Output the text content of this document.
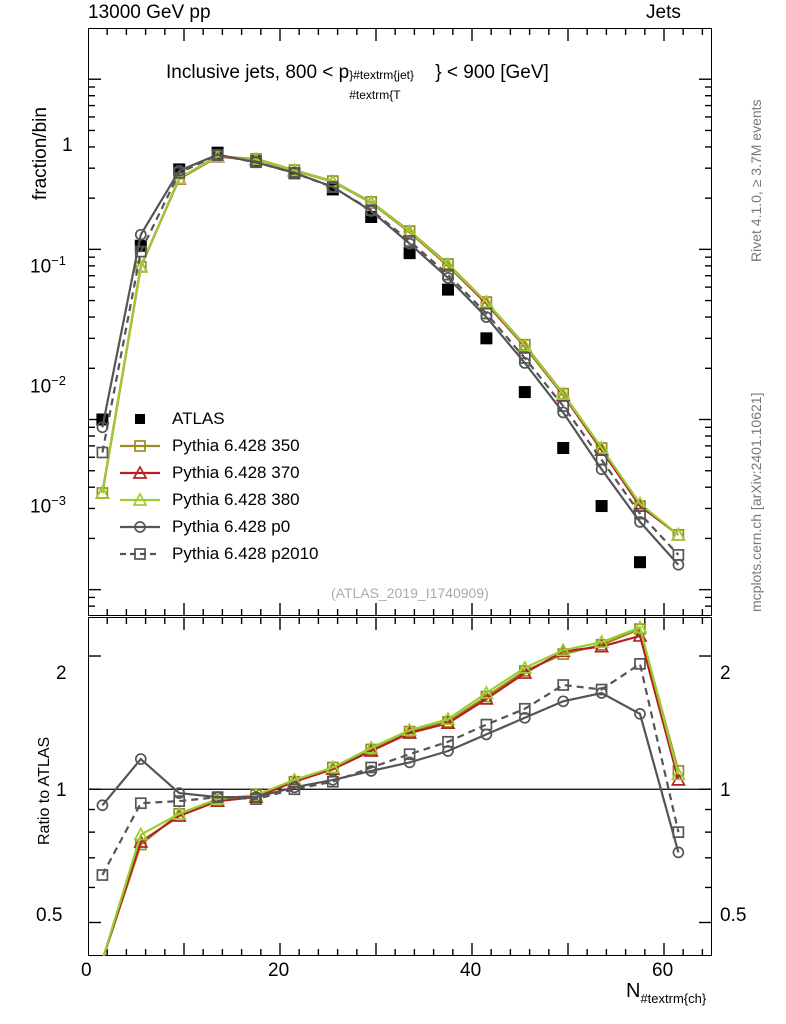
13000 GeV pp	Jets
Rivet 4.1.0, ≥ 3.7M events
mcplots.cern.ch [arXiv:2401.10621]
fraction/bin 1
$10^{-1}$
$10^{-2}$
$10^{-3}$
Inclusive jets, 800 < p
#textrm{T
}#textrm{jet} } < 900 [GeV]
(ATLAS_2019_I1740909)
ATLAS
Pythia 6.428 350
Pythia 6.428 370
Pythia 6.428 380
Pythia 6.428 p0
Pythia 6.428 p2010
Ratio to ATLAS
2
1
0.5
2
1
0.5
0	20	40	60
$N_{\#textrm\{ch\}}$
